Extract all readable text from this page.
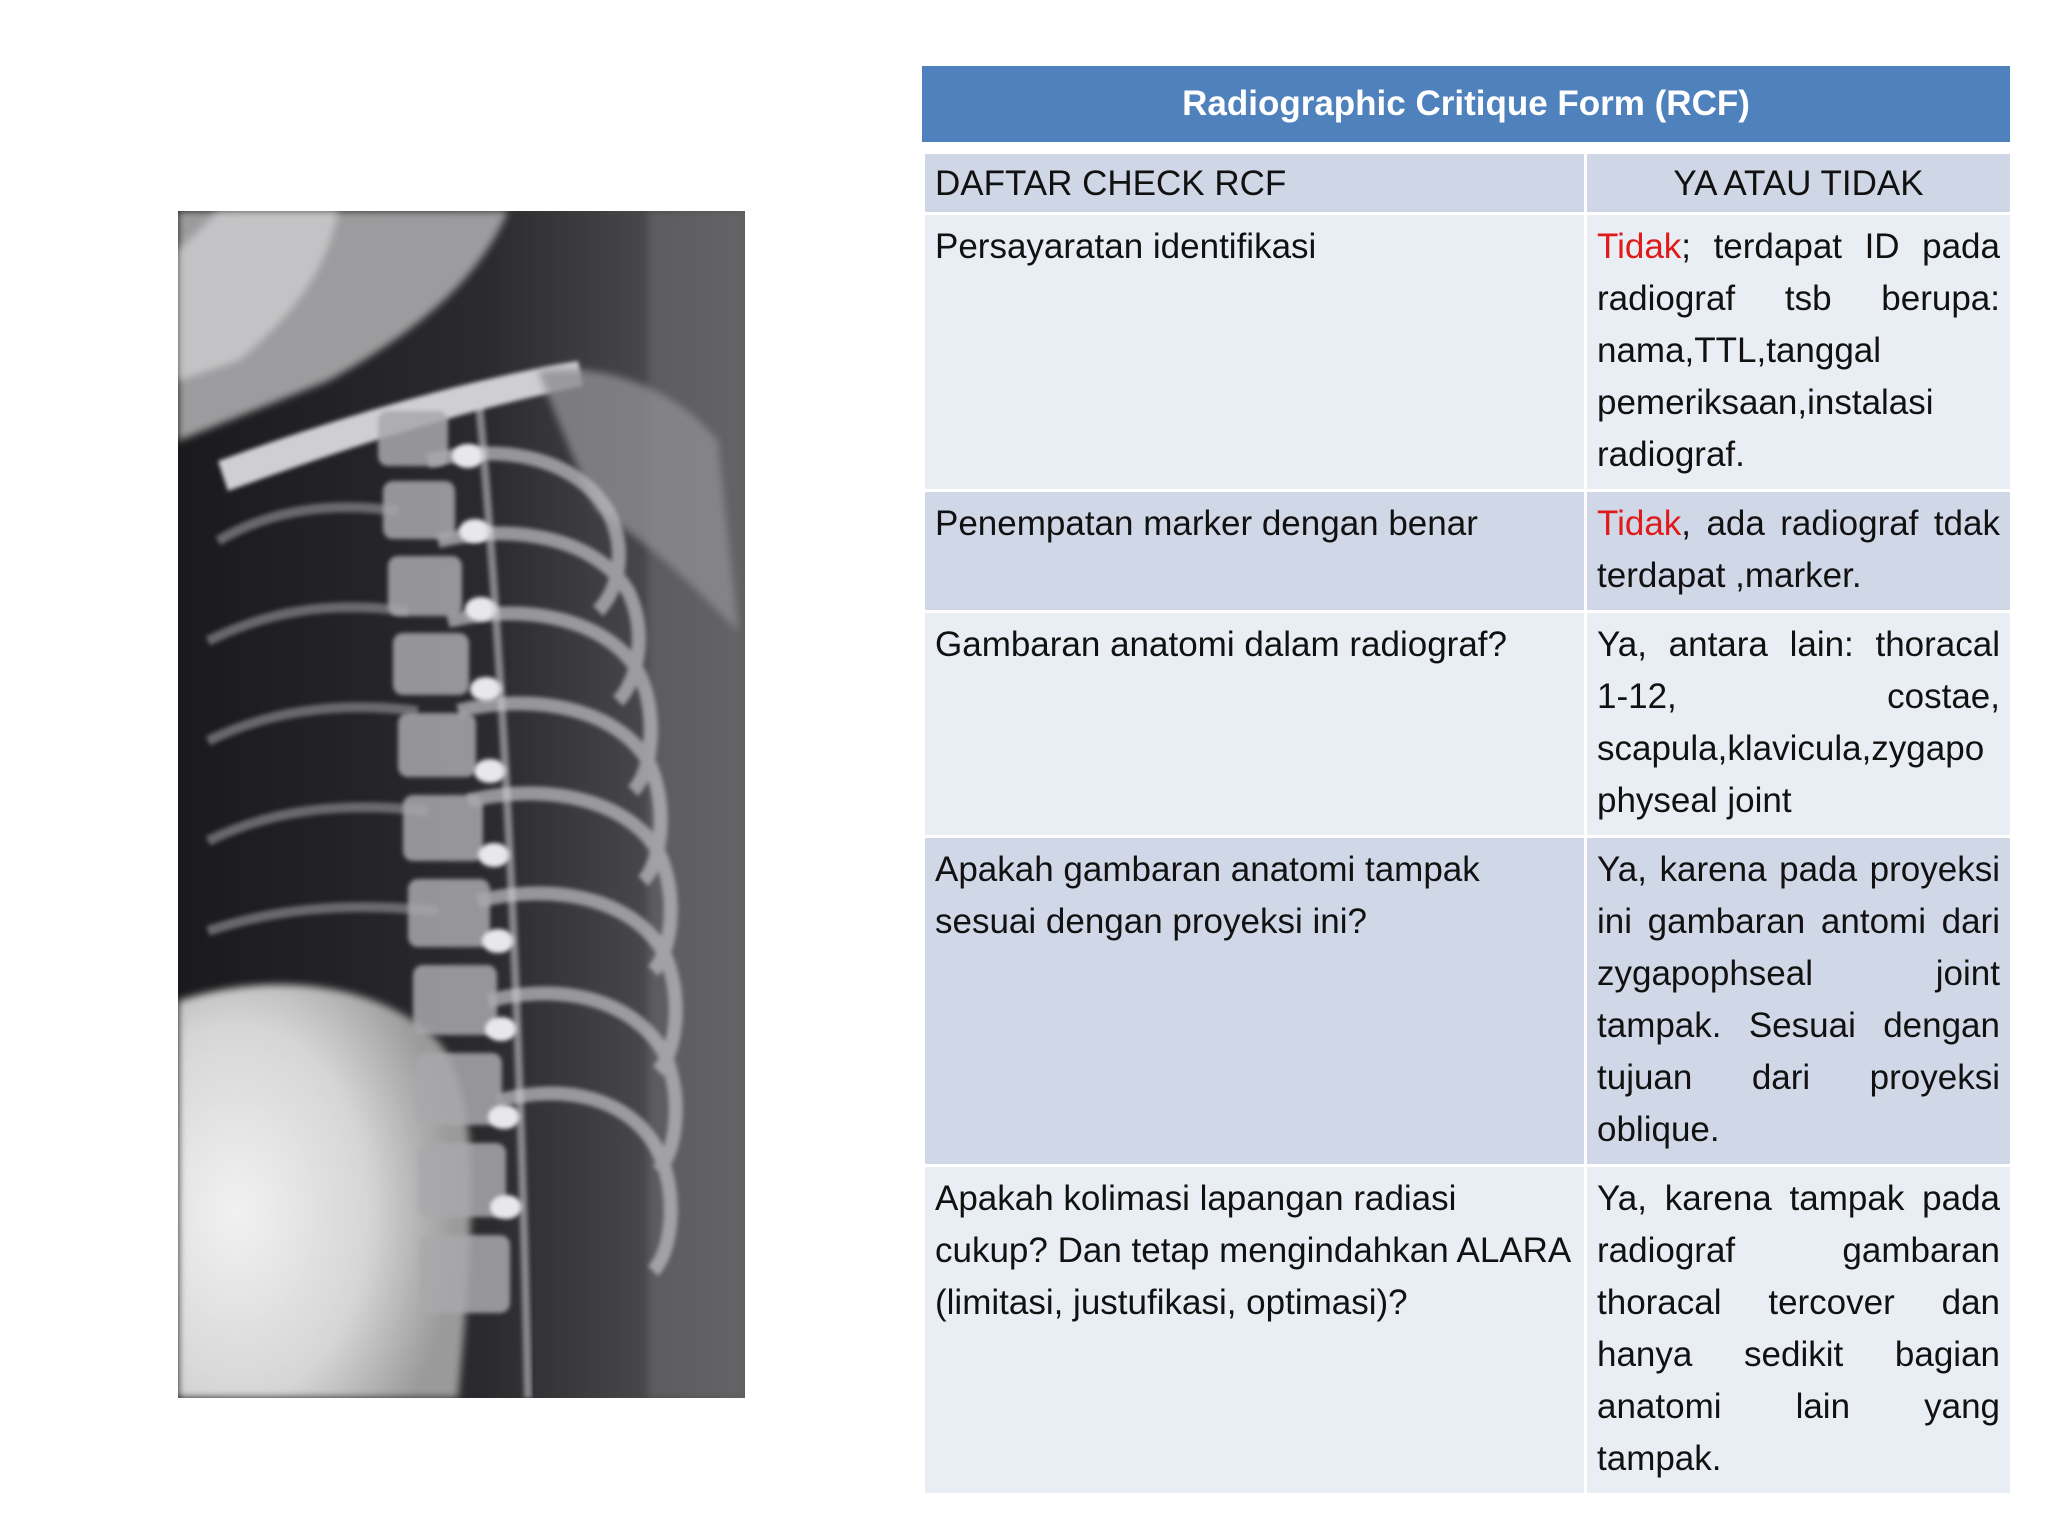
Radiographic Critique Form (RCF)
DAFTAR CHECK RCF	YA ATAU TIDAK
Persayaratan identifikasi	Tidak; terdapat ID pada radiograf tsb berupa: nama,TTL,tanggal pemeriksaan,instalasi radiograf.
Penempatan marker dengan benar	Tidak, ada radiograf tdak terdapat ,marker.
Gambaran anatomi dalam radiograf?	Ya, antara lain: thoracal 1-12, costae, scapula,klavicula,zygapo physeal joint
Apakah gambaran anatomi tampak sesuai dengan proyeksi ini?	Ya, karena pada proyeksi ini gambaran antomi dari zygapophseal joint tampak. Sesuai dengan tujuan dari proyeksi oblique.
Apakah kolimasi lapangan radiasi cukup? Dan tetap mengindahkan ALARA (limitasi, justufikasi, optimasi)?	Ya, karena tampak pada radiograf gambaran thoracal tercover dan hanya sedikit bagian anatomi lain yang tampak.
